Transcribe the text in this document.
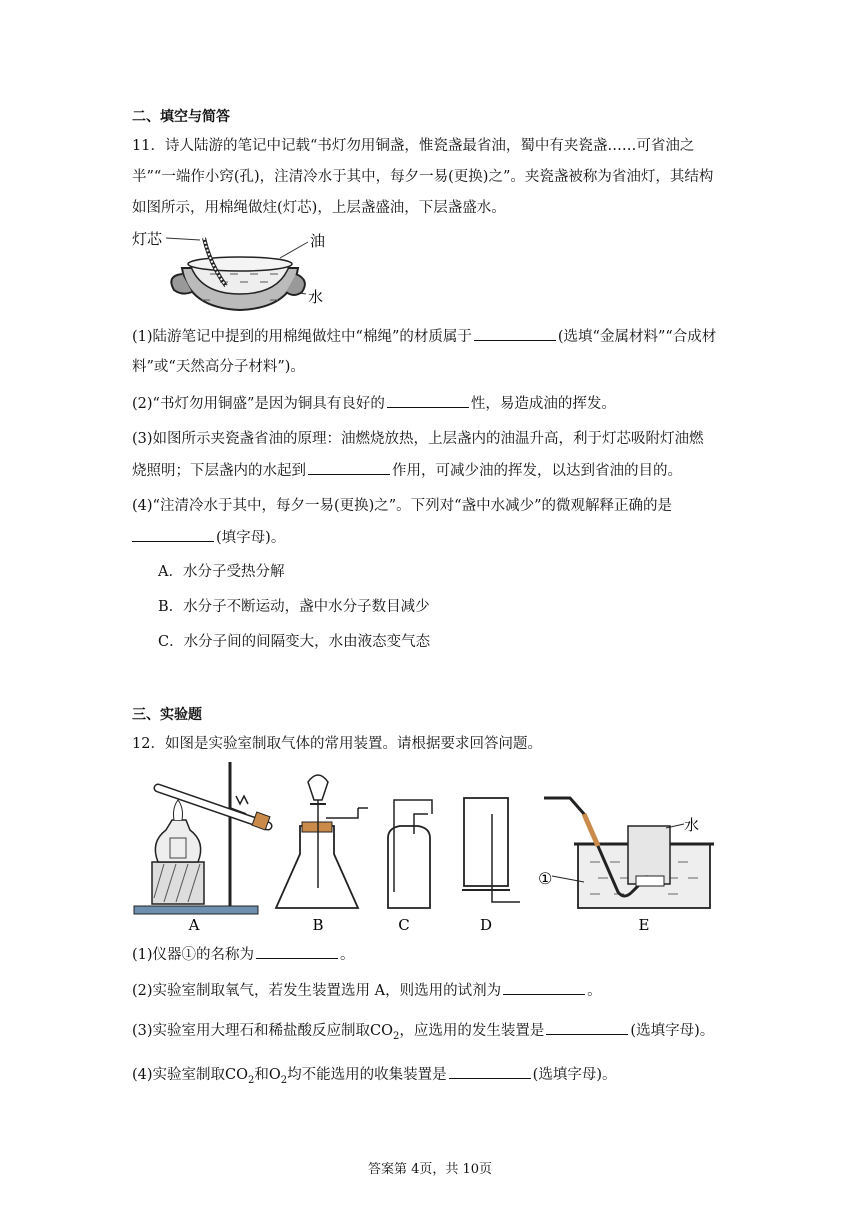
二、填空与简答
11．诗人陆游的笔记中记载“书灯勿用铜盏，惟瓷盏最省油，蜀中有夹瓷盏……可省油之
半”“一端作小窍(孔)，注清冷水于其中，每夕一易(更换)之”。夹瓷盏被称为省油灯，其结构
如图所示，用棉绳做炷(灯芯)，上层盏盛油，下层盏盛水。
灯芯	油
水
(1)陆游笔记中提到的用棉绳做炷中“棉绳”的材质属于	(选填“金属材料”“合成材
料”或“天然高分子材料”)。
(2)“书灯勿用铜盛”是因为铜具有良好的	性，易造成油的挥发。
(3)如图所示夹瓷盏省油的原理：油燃烧放热，上层盏内的油温升高，利于灯芯吸附灯油燃
烧照明；下层盏内的水起到	作用，可减少油的挥发，以达到省油的目的。
(4)“注清冷水于其中，每夕一易(更换)之”。下列对“盏中水减少”的微观解释正确的是
(填字母)。
A．水分子受热分解
B．水分子不断运动，盏中水分子数目减少
C．水分子间的间隔变大，水由液态变气态
三、实验题
12．如图是实验室制取气体的常用装置。请根据要求回答问题。
A	B	C	D
水
①
E
(1)仪器①的名称为	。
(2)实验室制取氧气，若发生装置选用 A，则选用的试剂为	。
(3)实验室用大理石和稀盐酸反应制取$CO_2$，应选用的发生装置是	(选填字母)。
(4)实验室制取$CO_2$和$O_2$均不能选用的收集装置是	(选填字母)。
答案第 4页，共 10页
